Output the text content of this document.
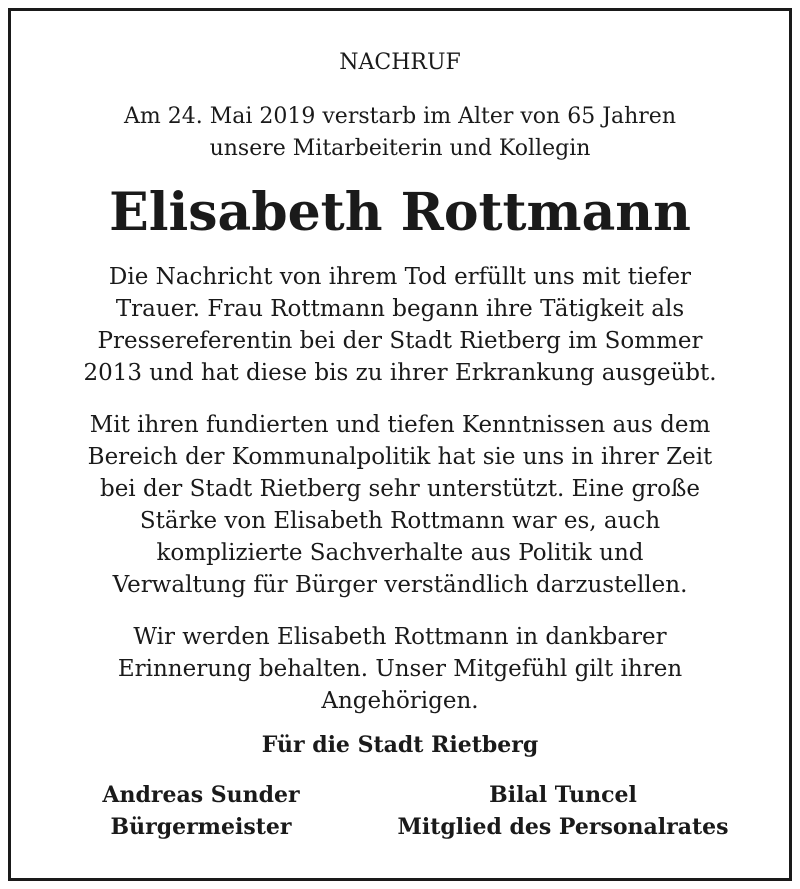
NACHRUF
Am 24. Mai 2019 verstarb im Alter von 65 Jahren
unsere Mitarbeiterin und Kollegin
Elisabeth Rottmann
Die Nachricht von ihrem Tod erfüllt uns mit tiefer
Trauer. Frau Rottmann begann ihre Tätigkeit als
Pressereferentin bei der Stadt Rietberg im Sommer
2013 und hat diese bis zu ihrer Erkrankung ausgeübt.
Mit ihren fundierten und tiefen Kenntnissen aus dem
Bereich der Kommunalpolitik hat sie uns in ihrer Zeit
bei der Stadt Rietberg sehr unterstützt. Eine große
Stärke von Elisabeth Rottmann war es, auch
komplizierte Sachverhalte aus Politik und
Verwaltung für Bürger verständlich darzustellen.
Wir werden Elisabeth Rottmann in dankbarer
Erinnerung behalten. Unser Mitgefühl gilt ihren
Angehörigen.
Für die Stadt Rietberg
Andreas Sunder
Bürgermeister
Bilal Tuncel
Mitglied des Personalrates
